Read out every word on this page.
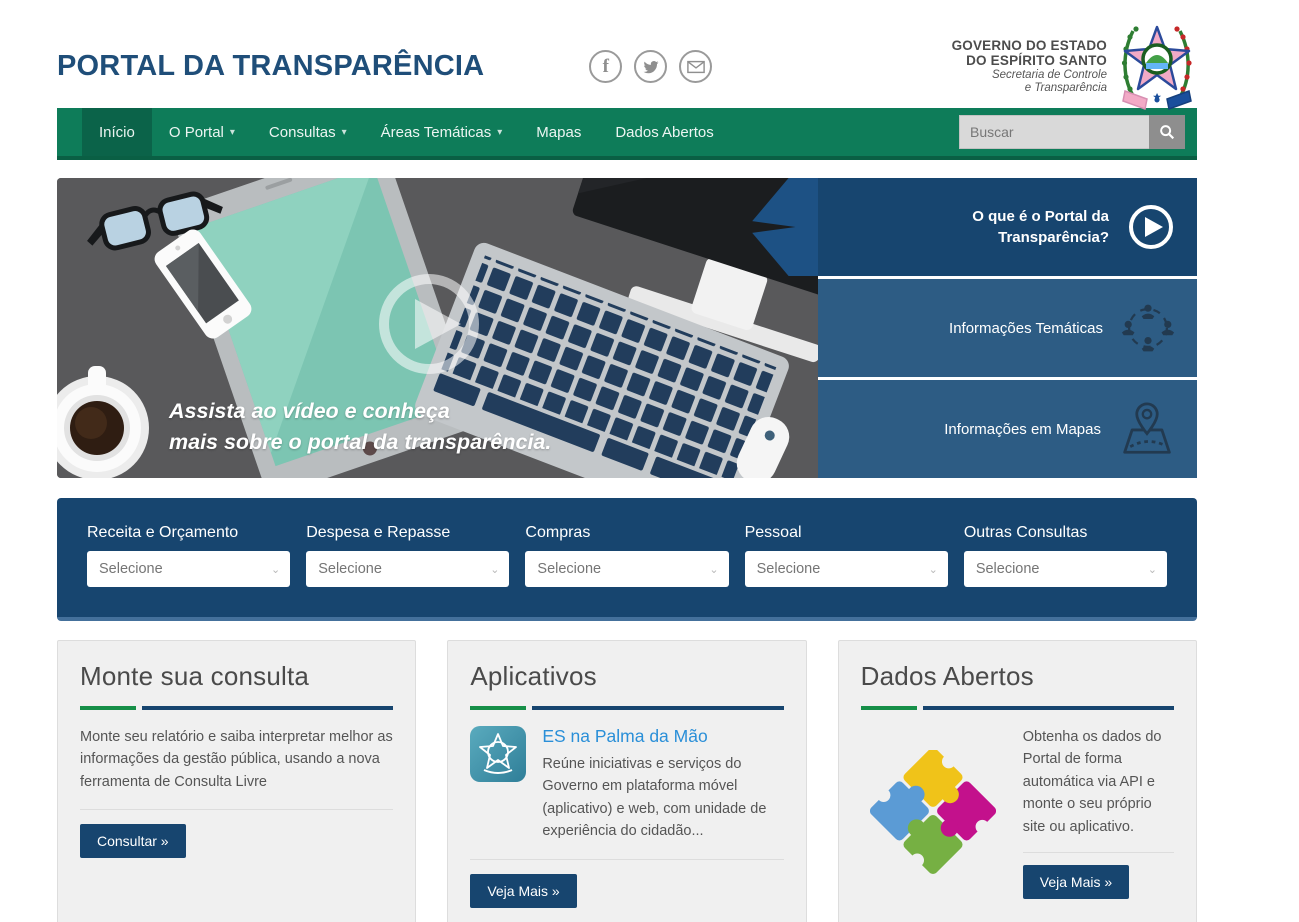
PORTAL DA TRANSPARÊNCIA	f
GOVERNO DO ESTADO
DO ESPÍRITO SANTO
Secretaria de Controle
e Transparência
Início O Portal ▾ Consultas ▾ Áreas Temáticas ▾ Mapas Dados Abertos
Buscar
Assista ao vídeo e conheça
mais sobre o portal da transparência.
O que é o Portal da Transparência?
Informações Temáticas
Informações em Mapas
Receita e Orçamento
Selecione	⌄
Despesa e Repasse
Selecione	⌄
Compras
Selecione	⌄
Pessoal
Selecione	⌄
Outras Consultas
Selecione	⌄
Monte sua consulta

Monte seu relatório e saiba interpretar melhor as informações da gestão pública, usando a nova ferramenta de Consulta Livre

Consultar »
Aplicativos
ES na Palma da Mão

Reúne iniciativas e serviços do Governo em plataforma móvel (aplicativo) e web, com unidade de experiência do cidadão...

Veja Mais »
Dados Abertos

Obtenha os dados do Portal de forma automática via API e monte o seu próprio site ou aplicativo.

Veja Mais »
